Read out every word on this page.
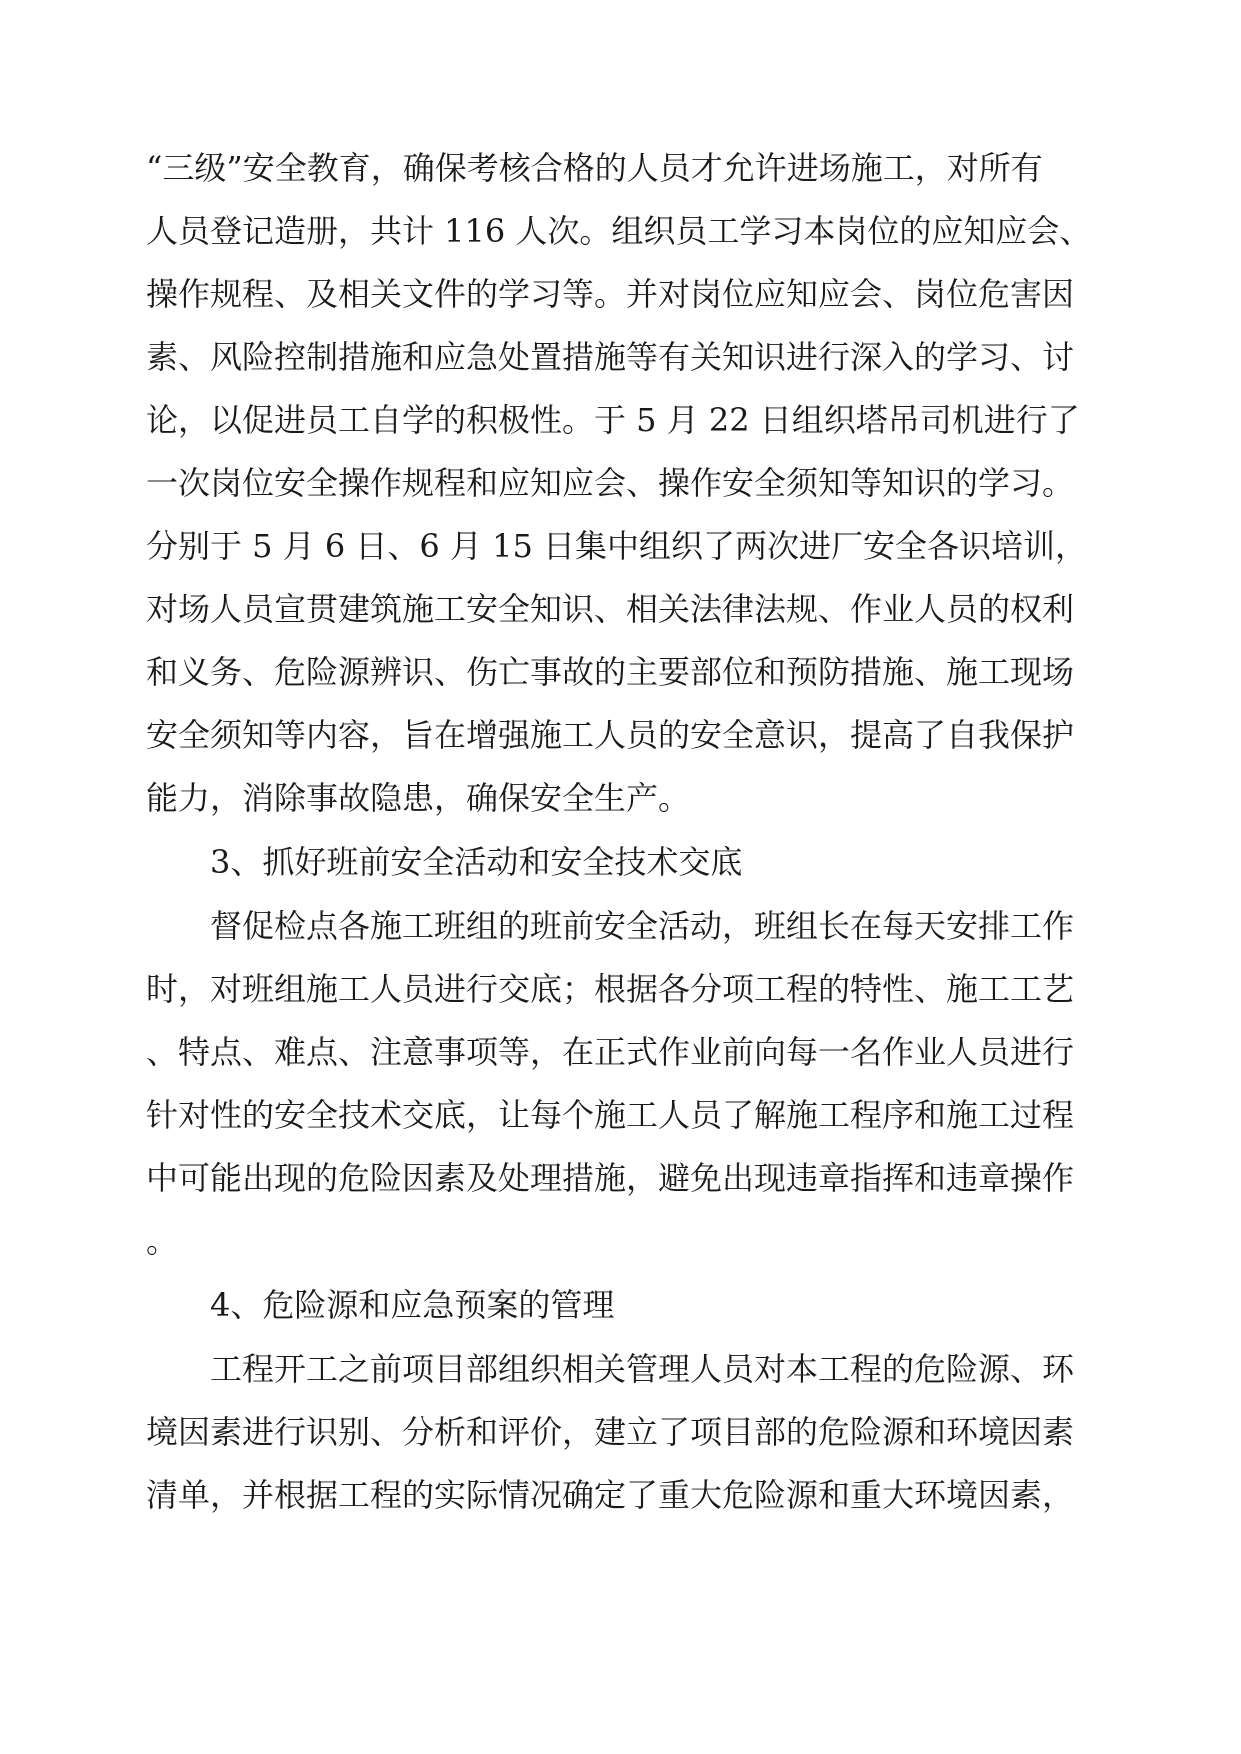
“三级”安全教育，确保考核合格的人员才允许进场施工，对所有
人员登记造册，共计 116 人次。组织员工学习本岗位的应知应会、
操作规程、及相关文件的学习等。并对岗位应知应会、岗位危害因
素、风险控制措施和应急处置措施等有关知识进行深入的学习、讨
论，以促进员工自学的积极性。于 5 月 22 日组织塔吊司机进行了
一次岗位安全操作规程和应知应会、操作安全须知等知识的学习。
分别于 5 月 6 日、6 月 15 日集中组织了两次进厂安全各识培训，
对场人员宣贯建筑施工安全知识、相关法律法规、作业人员的权利
和义务、危险源辨识、伤亡事故的主要部位和预防措施、施工现场
安全须知等内容，旨在增强施工人员的安全意识，提高了自我保护
能力，消除事故隐患，确保安全生产。
3、抓好班前安全活动和安全技术交底
督促检点各施工班组的班前安全活动，班组长在每天安排工作
时，对班组施工人员进行交底；根据各分项工程的特性、施工工艺
、特点、难点、注意事项等，在正式作业前向每一名作业人员进行
针对性的安全技术交底，让每个施工人员了解施工程序和施工过程
中可能出现的危险因素及处理措施，避免出现违章指挥和违章操作
。
4、危险源和应急预案的管理
工程开工之前项目部组织相关管理人员对本工程的危险源、环
境因素进行识别、分析和评价，建立了项目部的危险源和环境因素
清单，并根据工程的实际情况确定了重大危险源和重大环境因素，
